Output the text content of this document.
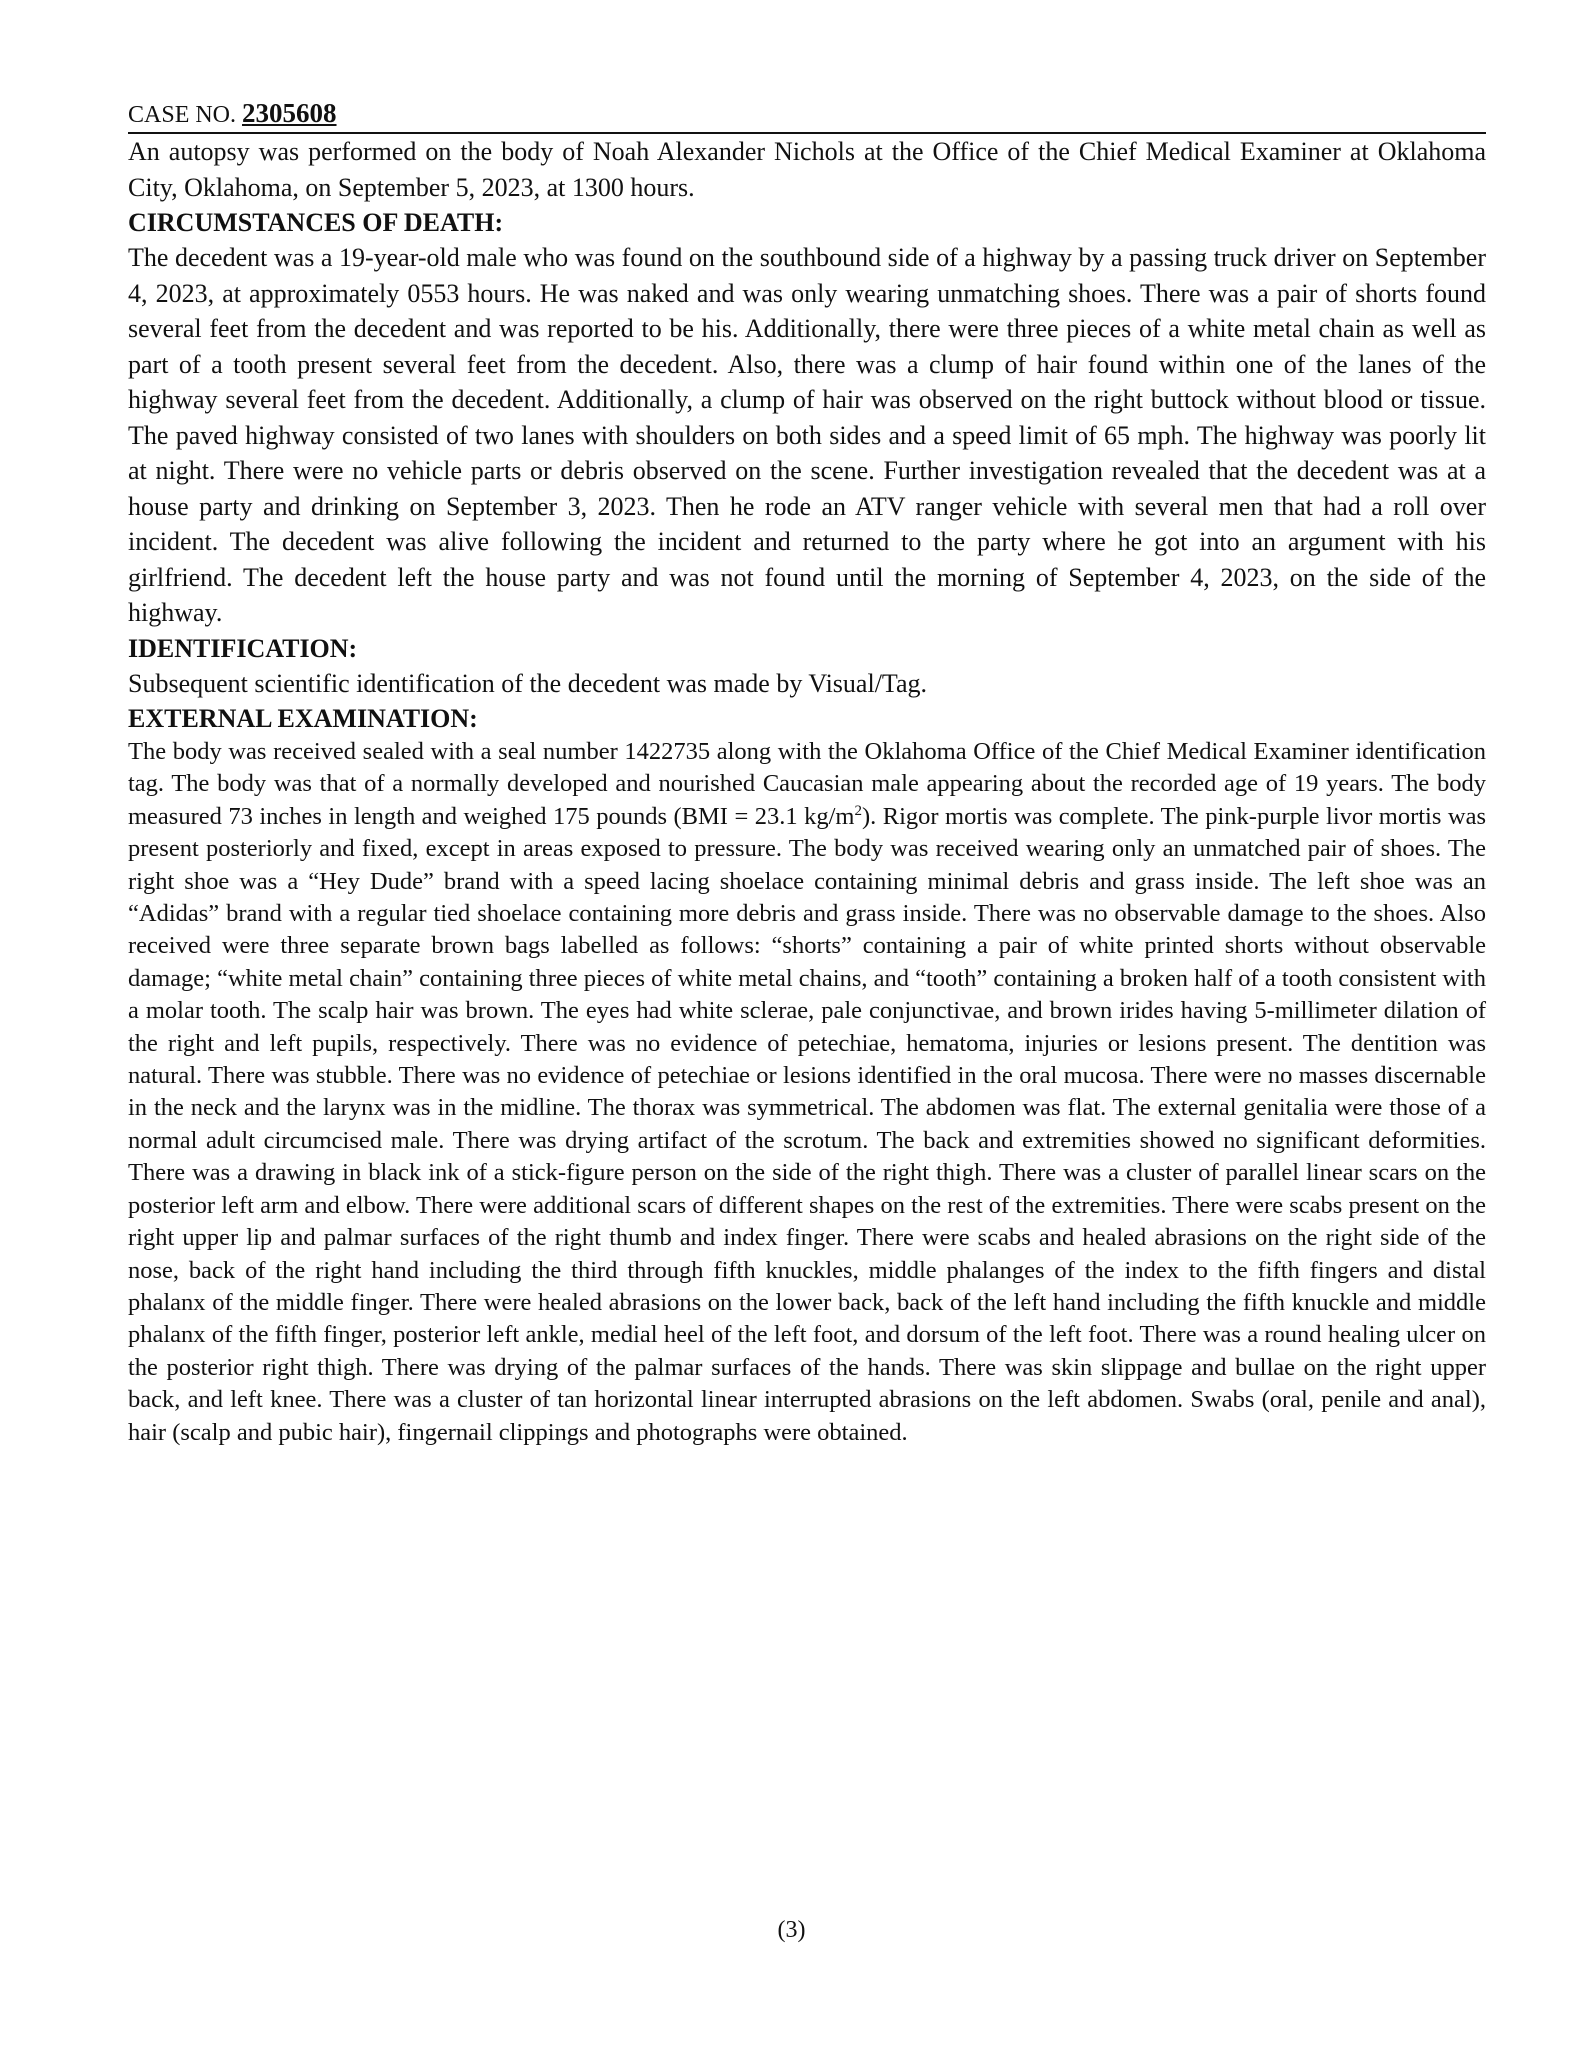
CASE NO. 2305608

An autopsy was performed on the body of Noah Alexander Nichols at the Office of the Chief Medical Examiner at Oklahoma City, Oklahoma, on September 5, 2023, at 1300 hours.

CIRCUMSTANCES OF DEATH:

The decedent was a 19-year-old male who was found on the southbound side of a highway by a passing truck driver on September 4, 2023, at approximately 0553 hours. He was naked and was only wearing unmatching shoes. There was a pair of shorts found several feet from the decedent and was reported to be his. Additionally, there were three pieces of a white metal chain as well as part of a tooth present several feet from the decedent. Also, there was a clump of hair found within one of the lanes of the highway several feet from the decedent. Additionally, a clump of hair was observed on the right buttock without blood or tissue. The paved highway consisted of two lanes with shoulders on both sides and a speed limit of 65 mph. The highway was poorly lit at night. There were no vehicle parts or debris observed on the scene. Further investigation revealed that the decedent was at a house party and drinking on September 3, 2023. Then he rode an ATV ranger vehicle with several men that had a roll over incident. The decedent was alive following the incident and returned to the party where he got into an argument with his girlfriend. The decedent left the house party and was not found until the morning of September 4, 2023, on the side of the highway.

IDENTIFICATION:

Subsequent scientific identification of the decedent was made by Visual/Tag.

EXTERNAL EXAMINATION:

The body was received sealed with a seal number 1422735 along with the Oklahoma Office of the Chief Medical Examiner identification tag. The body was that of a normally developed and nourished Caucasian male appearing about the recorded age of 19 years. The body measured 73 inches in length and weighed 175 pounds (BMI = 23.1 $kg/m^2$). Rigor mortis was complete. The pink-purple livor mortis was present posteriorly and fixed, except in areas exposed to pressure. The body was received wearing only an unmatched pair of shoes. The right shoe was a “Hey Dude” brand with a speed lacing shoelace containing minimal debris and grass inside. The left shoe was an “Adidas” brand with a regular tied shoelace containing more debris and grass inside. There was no observable damage to the shoes. Also received were three separate brown bags labelled as follows: “shorts” containing a pair of white printed shorts without observable damage; “white metal chain” containing three pieces of white metal chains, and “tooth” containing a broken half of a tooth consistent with a molar tooth. The scalp hair was brown. The eyes had white sclerae, pale conjunctivae, and brown irides having 5-millimeter dilation of the right and left pupils, respectively. There was no evidence of petechiae, hematoma, injuries or lesions present. The dentition was natural. There was stubble. There was no evidence of petechiae or lesions identified in the oral mucosa. There were no masses discernable in the neck and the larynx was in the midline. The thorax was symmetrical. The abdomen was flat. The external genitalia were those of a normal adult circumcised male. There was drying artifact of the scrotum. The back and extremities showed no significant deformities. There was a drawing in black ink of a stick-figure person on the side of the right thigh. There was a cluster of parallel linear scars on the posterior left arm and elbow. There were additional scars of different shapes on the rest of the extremities. There were scabs present on the right upper lip and palmar surfaces of the right thumb and index finger. There were scabs and healed abrasions on the right side of the nose, back of the right hand including the third through fifth knuckles, middle phalanges of the index to the fifth fingers and distal phalanx of the middle finger. There were healed abrasions on the lower back, back of the left hand including the fifth knuckle and middle phalanx of the fifth finger, posterior left ankle, medial heel of the left foot, and dorsum of the left foot. There was a round healing ulcer on the posterior right thigh. There was drying of the palmar surfaces of the hands. There was skin slippage and bullae on the right upper back, and left knee. There was a cluster of tan horizontal linear interrupted abrasions on the left abdomen. Swabs (oral, penile and anal), hair (scalp and pubic hair), fingernail clippings and photographs were obtained.

(3)
